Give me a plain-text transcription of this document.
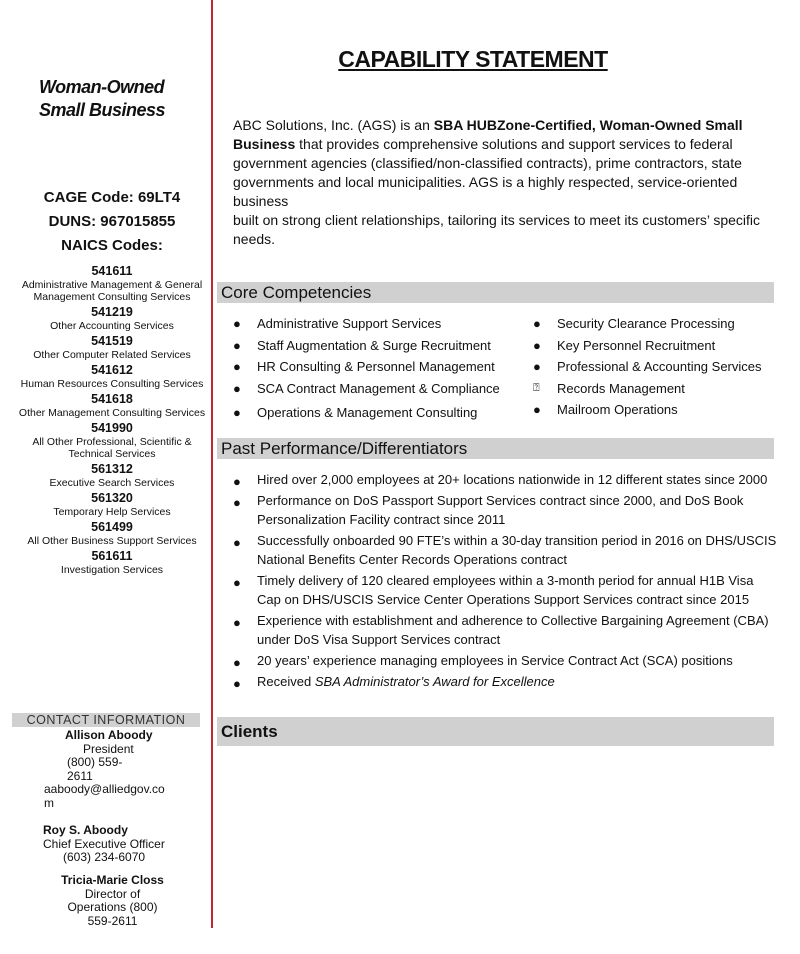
Woman-Owned
Small Business
CAGE Code: 69LT4
DUNS: 967015855
NAICS Codes:
541611
Administrative Management & General Management Consulting Services
541219
Other Accounting Services
541519
Other Computer Related Services
541612
Human Resources Consulting Services
541618
Other Management Consulting Services
541990
All Other Professional, Scientific & Technical Services
561312
Executive Search Services
561320
Temporary Help Services
561499
All Other Business Support Services
561611
Investigation Services
CONTACT INFORMATION
Allison Aboody
President
(800) 559-
2611
aaboody@alliedgov.co
m
Roy S. Aboody
Chief Executive Officer
(603) 234-6070
Tricia-Marie Closs
Director of
Operations (800)
559-2611
CAPABILITY STATEMENT

ABC Solutions, Inc. (AGS) is an SBA HUBZone-Certified, Woman-Owned Small Business that provides comprehensive solutions and support services to federal government agencies (classified/non-classified contracts), prime contractors, state governments and local municipalities. AGS is a highly respected, service-oriented business

built on strong client relationships, tailoring its services to meet its customers’ specific needs.

Core Competencies
● Administrative Support Services
● Staff Augmentation & Surge Recruitment
● HR Consulting & Personnel Management
● SCA Contract Management & Compliance
● Operations & Management Consulting
● Security Clearance Processing
● Key Personnel Recruitment
● Professional & Accounting Services
⍰ Records Management
● Mailroom Operations
Past Performance/Differentiators
● Hired over 2,000 employees at 20+ locations nationwide in 12 different states since 2000
● Performance on DoS Passport Support Services contract since 2000, and DoS Book Personalization Facility contract since 2011
● Successfully onboarded 90 FTE’s within a 30-day transition period in 2016 on DHS/USCIS National Benefits Center Records Operations contract
● Timely delivery of 120 cleared employees within a 3-month period for annual H1B Visa Cap on DHS/USCIS Service Center Operations Support Services contract since 2015
● Experience with establishment and adherence to Collective Bargaining Agreement (CBA) under DoS Visa Support Services contract
● 20 years’ experience managing employees in Service Contract Act (SCA) positions
● Received SBA Administrator’s Award for Excellence
Clients
